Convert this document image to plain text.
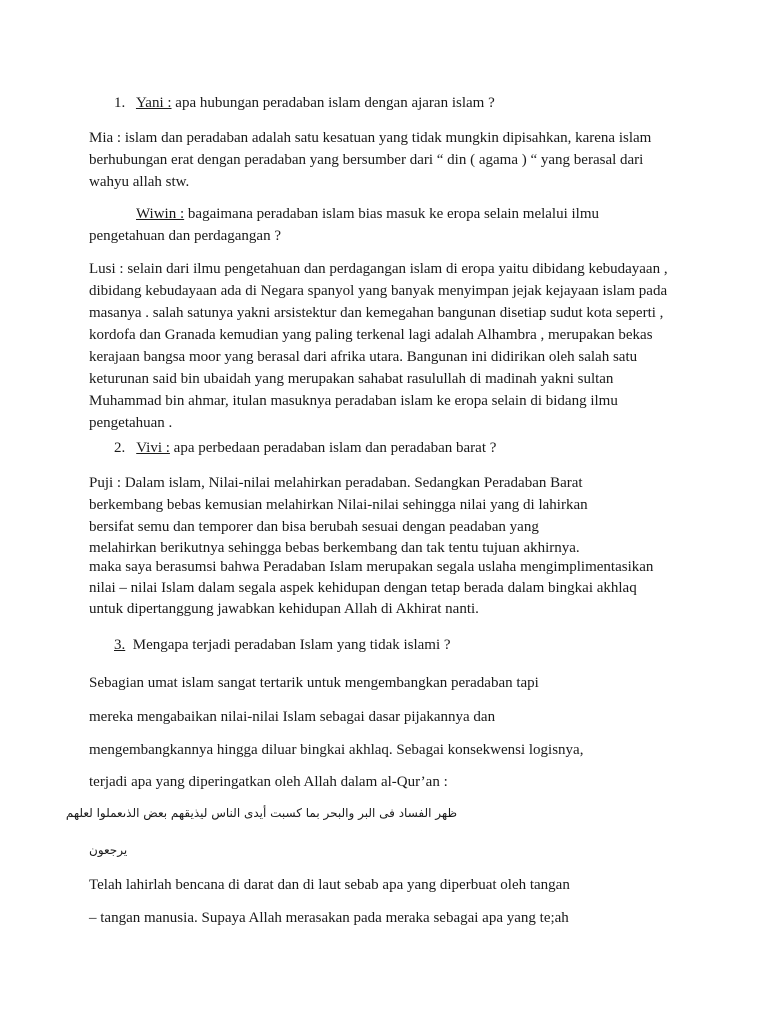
1. Yani : apa hubungan peradaban islam dengan ajaran islam ?
Mia : islam dan peradaban adalah satu kesatuan yang tidak mungkin dipisahkan, karena islam
berhubungan erat dengan peradaban yang bersumber dari “ din ( agama ) “ yang berasal dari
wahyu allah stw.
Wiwin : bagaimana peradaban islam bias masuk ke eropa selain melalui ilmu
pengetahuan dan perdagangan ?
Lusi : selain dari ilmu pengetahuan dan perdagangan islam di eropa yaitu dibidang kebudayaan ,
dibidang kebudayaan ada di Negara spanyol yang banyak menyimpan jejak kejayaan islam pada
masanya . salah satunya yakni arsistektur dan kemegahan bangunan disetiap sudut kota seperti ,
kordofa dan Granada kemudian yang paling terkenal lagi adalah Alhambra , merupakan bekas
kerajaan bangsa moor yang berasal dari afrika utara. Bangunan ini didirikan oleh salah satu
keturunan said bin ubaidah yang merupakan sahabat rasulullah di madinah yakni sultan
Muhammad bin ahmar, itulan masuknya peradaban islam ke eropa selain di bidang ilmu
pengetahuan .
2. Vivi : apa perbedaan peradaban islam dan peradaban barat ?
Puji : Dalam islam, Nilai-nilai melahirkan peradaban. Sedangkan Peradaban Barat
berkembang bebas kemusian melahirkan Nilai-nilai sehingga nilai yang di lahirkan
bersifat semu dan temporer dan bisa berubah sesuai dengan peadaban yang
melahirkan berikutnya sehingga bebas berkembang dan tak tentu tujuan akhirnya.
maka saya berasumsi bahwa Peradaban Islam merupakan segala uslaha mengimplimentasikan
nilai – nilai Islam dalam segala aspek kehidupan dengan tetap berada dalam bingkai akhlaq
untuk dipertanggung jawabkan kehidupan Allah di Akhirat nanti.
3. Mengapa terjadi peradaban Islam yang tidak islami ?
Sebagian umat islam sangat tertarik untuk mengembangkan peradaban tapi
mereka mengabaikan nilai-nilai Islam sebagai dasar pijakannya dan
mengembangkannya hingga diluar bingkai akhlaq. Sebagai konsekwensi logisnya,
terjadi apa yang diperingatkan oleh Allah dalam al-Qur’an :
ظهر الفساد فى البر والبحر بما كسبت أيدى الناس ليذيقهم بعض الذىعملوا لعلهم
يرجعون
Telah lahirlah bencana di darat dan di laut sebab apa yang diperbuat oleh tangan
– tangan manusia. Supaya Allah merasakan pada meraka sebagai apa yang te;ah
